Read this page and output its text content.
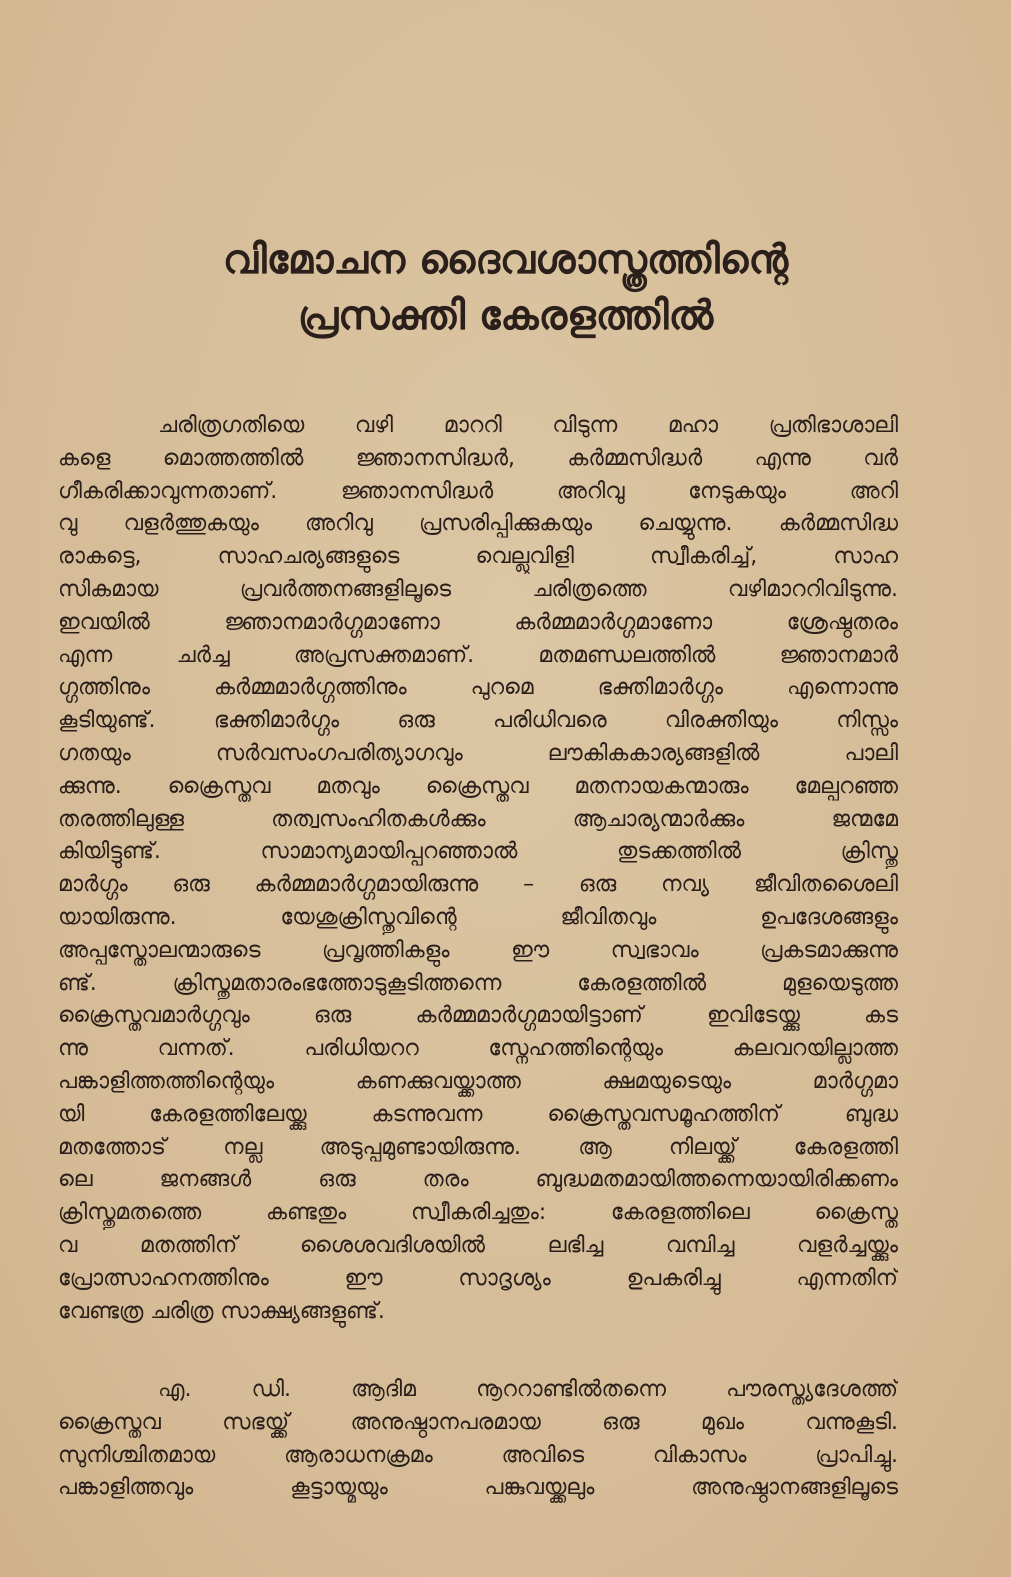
വിമോചന ദൈവശാസ്ത്രത്തിന്റെ
പ്രസക്തി കേരളത്തിൽ
ചരിത്രഗതിയെ വഴി മാററി വിടുന്ന മഹാ പ്രതിഭാശാലി
കളെ മൊത്തത്തിൽ ജ്ഞാനസിദ്ധർ, കർമ്മസിദ്ധർ എന്നു വർ
ഗീകരിക്കാവുന്നതാണ്. ജ്ഞാനസിദ്ധർ അറിവു നേടുകയും അറി
വു വളർത്തുകയും അറിവു പ്രസരിപ്പിക്കുകയും ചെയ്യുന്നു. കർമ്മസിദ്ധ
രാകട്ടെ, സാഹചര്യങ്ങളുടെ വെല്ലുവിളി സ്വീകരിച്ച്, സാഹ
സികമായ പ്രവർത്തനങ്ങളിലൂടെ ചരിത്രത്തെ വഴിമാററിവിടുന്നു.
ഇവയിൽ ജ്ഞാനമാർഗ്ഗമാണോ കർമ്മമാർഗ്ഗമാണോ ശ്രേഷ്ഠതരം
എന്ന ചർച്ച അപ്രസക്തമാണ്. മതമണ്ഡലത്തിൽ ജ്ഞാനമാർ
ഗ്ഗത്തിനും കർമ്മമാർഗ്ഗത്തിനും പുറമെ ഭക്തിമാർഗ്ഗം എന്നൊന്നു
കൂടിയുണ്ട്. ഭക്തിമാർഗ്ഗം ഒരു പരിധിവരെ വിരക്തിയും നിസ്സം
ഗതയും സർവസംഗപരിത്യാഗവും ലൗകികകാര്യങ്ങളിൽ പാലി
ക്കുന്നു. ക്രൈസ്തവ മതവും ക്രൈസ്തവ മതനായകന്മാരും മേല്പറഞ്ഞ
തരത്തിലുള്ള തത്വസംഹിതകൾക്കും ആചാര്യന്മാർക്കും ജന്മമേ
കിയിട്ടുണ്ട്. സാമാന്യമായിപ്പറഞ്ഞാൽ തുടക്കത്തിൽ ക്രിസ്തു
മാർഗ്ഗം ഒരു കർമ്മമാർഗ്ഗമായിരുന്നു – ഒരു നവ്യ ജീവിതശൈലി
യായിരുന്നു. യേശുക്രിസ്തുവിന്റെ ജീവിതവും ഉപദേശങ്ങളും
അപ്പസ്തോലന്മാരുടെ പ്രവൃത്തികളും ഈ സ്വഭാവം പ്രകടമാക്കുന്നു
ണ്ട്. ക്രിസ്തുമതാരംഭത്തോടുകൂടിത്തന്നെ കേരളത്തിൽ മുളയെടുത്ത
ക്രൈസ്തവമാർഗ്ഗവും ഒരു കർമ്മമാർഗ്ഗമായിട്ടാണ് ഇവിടേയ്ക്കു കട
ന്നു വന്നത്. പരിധിയററ സ്നേഹത്തിന്റെയും കലവറയില്ലാത്ത
പങ്കാളിത്തത്തിന്റെയും കണക്കുവയ്ക്കാത്ത ക്ഷമയുടെയും മാർഗ്ഗമാ
യി കേരളത്തിലേയ്ക്കു കടന്നുവന്ന ക്രൈസ്തവസമൂഹത്തിന് ബുദ്ധ
മതത്തോട് നല്ല അടുപ്പമുണ്ടായിരുന്നു. ആ നിലയ്ക്ക് കേരളത്തി
ലെ ജനങ്ങൾ ഒരു തരം ബുദ്ധമതമായിത്തന്നെയായിരിക്കണം
ക്രിസ്തുമതത്തെ കണ്ടതും സ്വീകരിച്ചതും: കേരളത്തിലെ ക്രൈസ്ത
വ മതത്തിന് ശൈശവദിശയിൽ ലഭിച്ച വമ്പിച്ച വളർച്ചയ്ക്കും
പ്രോത്സാഹനത്തിനും ഈ സാദൃശ്യം ഉപകരിച്ചു എന്നതിന്
വേണ്ടത്ര ചരിത്ര സാക്ഷ്യങ്ങളുണ്ട്.
എ. ഡി. ആദിമ നൂററാണ്ടിൽതന്നെ പൗരസ്ത്യദേശത്ത്
ക്രൈസ്തവ സഭയ്ക്ക് അനുഷ്ഠാനപരമായ ഒരു മുഖം വന്നുകൂടി.
സുനിശ്ചിതമായ ആരാധനക്രമം അവിടെ വികാസം പ്രാപിച്ചു.
പങ്കാളിത്തവും കൂട്ടായ്മയും പങ്കുവയ്ക്കലും അനുഷ്ഠാനങ്ങളിലൂടെ
